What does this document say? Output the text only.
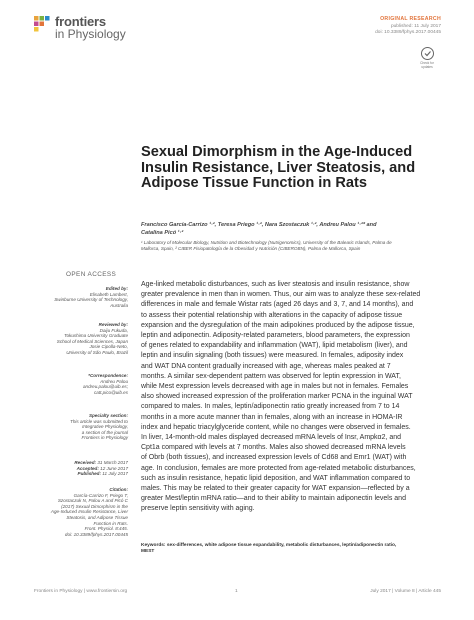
frontiers
in Physiology
ORIGINAL RESEARCH
published: 11 July 2017
doi: 10.3389/fphys.2017.00445
Check for
updates
Sexual Dimorphism in the Age-Induced Insulin Resistance, Liver Steatosis, and Adipose Tissue Function in Rats
Francisco García-Carrizo ¹·², Teresa Priego ¹·², Nara Szostaczuk ¹·², Andreu Palou ¹·²* and
Catalina Picó ¹·²
¹ Laboratory of Molecular Biology, Nutrition and Biotechnology (Nutrigenomics), University of the Balearic Islands, Palma de
Mallorca, Spain, ² CIBER Fisiopatología de la Obesidad y Nutrición (CIBEROBN), Palma de Mallorca, Spain
OPEN ACCESS
Edited by:
Elisabeth Lambert,
Swinburne University of Technology,
Australia
Reviewed by:
Daiju Fukuda,
Tokushima University Graduate
School of Medical Sciences, Japan
Josie Cipolla-Neto,
University of São Paulo, Brazil
*Correspondence:
Andreu Palou
andreu.palou@uib.es;
catt.pico@uib.es
Specialty section:
This article was submitted to
Integrative Physiology,
a section of the journal
Frontiers in Physiology
Received: 31 March 2017
Accepted: 12 June 2017
Published: 11 July 2017
Citation:
García-Carrizo F, Priego T,
Szostaczuk N, Palou A and Picó C
(2017) Sexual Dimorphism in the
Age-Induced Insulin Resistance, Liver
Steatosis, and Adipose Tissue
Function in Rats.
Front. Physiol. 8:445.
doi: 10.3389/fphys.2017.00445
Age-linked metabolic disturbances, such as liver steatosis and insulin resistance, show
greater prevalence in men than in women. Thus, our aim was to analyze these sex-related
differences in male and female Wistar rats (aged 26 days and 3, 7, and 14 months), and
to assess their potential relationship with alterations in the capacity of adipose tissue
expansion and the dysregulation of the main adipokines produced by the adipose tissue,
leptin and adiponectin. Adiposity-related parameters, blood parameters, the expression
of genes related to expandability and inflammation (WAT), lipid metabolism (liver), and
leptin and insulin signaling (both tissues) were measured. In females, adiposity index
and WAT DNA content gradually increased with age, whereas males peaked at 7
months. A similar sex-dependent pattern was observed for leptin expression in WAT,
while Mest expression levels decreased with age in males but not in females. Females
also showed increased expression of the proliferation marker PCNA in the inguinal WAT
compared to males. In males, leptin/adiponectin ratio greatly increased from 7 to 14
months in a more acute manner than in females, along with an increase in HOMA-IR
index and hepatic triacylglyceride content, while no changes were observed in females.
In liver, 14-month-old males displayed decreased mRNA levels of Insr, Ampkα2, and
Cpt1a compared with levels at 7 months. Males also showed decreased mRNA levels
of Obrb (both tissues), and increased expression levels of Cd68 and Emr1 (WAT) with
age. In conclusion, females are more protected from age-related metabolic disturbances,
such as insulin resistance, hepatic lipid deposition, and WAT inflammation compared to
males. This may be related to their greater capacity for WAT expansion—reflected by a
greater Mest/leptin mRNA ratio—and to their ability to maintain adiponectin levels and
preserve leptin sensitivity with aging.
Keywords: sex-differences, white adipose tissue expandability, metabolic disturbances, leptin/adiponectin ratio,
MEST
Frontiers in Physiology | www.frontiersin.org	1	July 2017 | Volume 8 | Article 445
